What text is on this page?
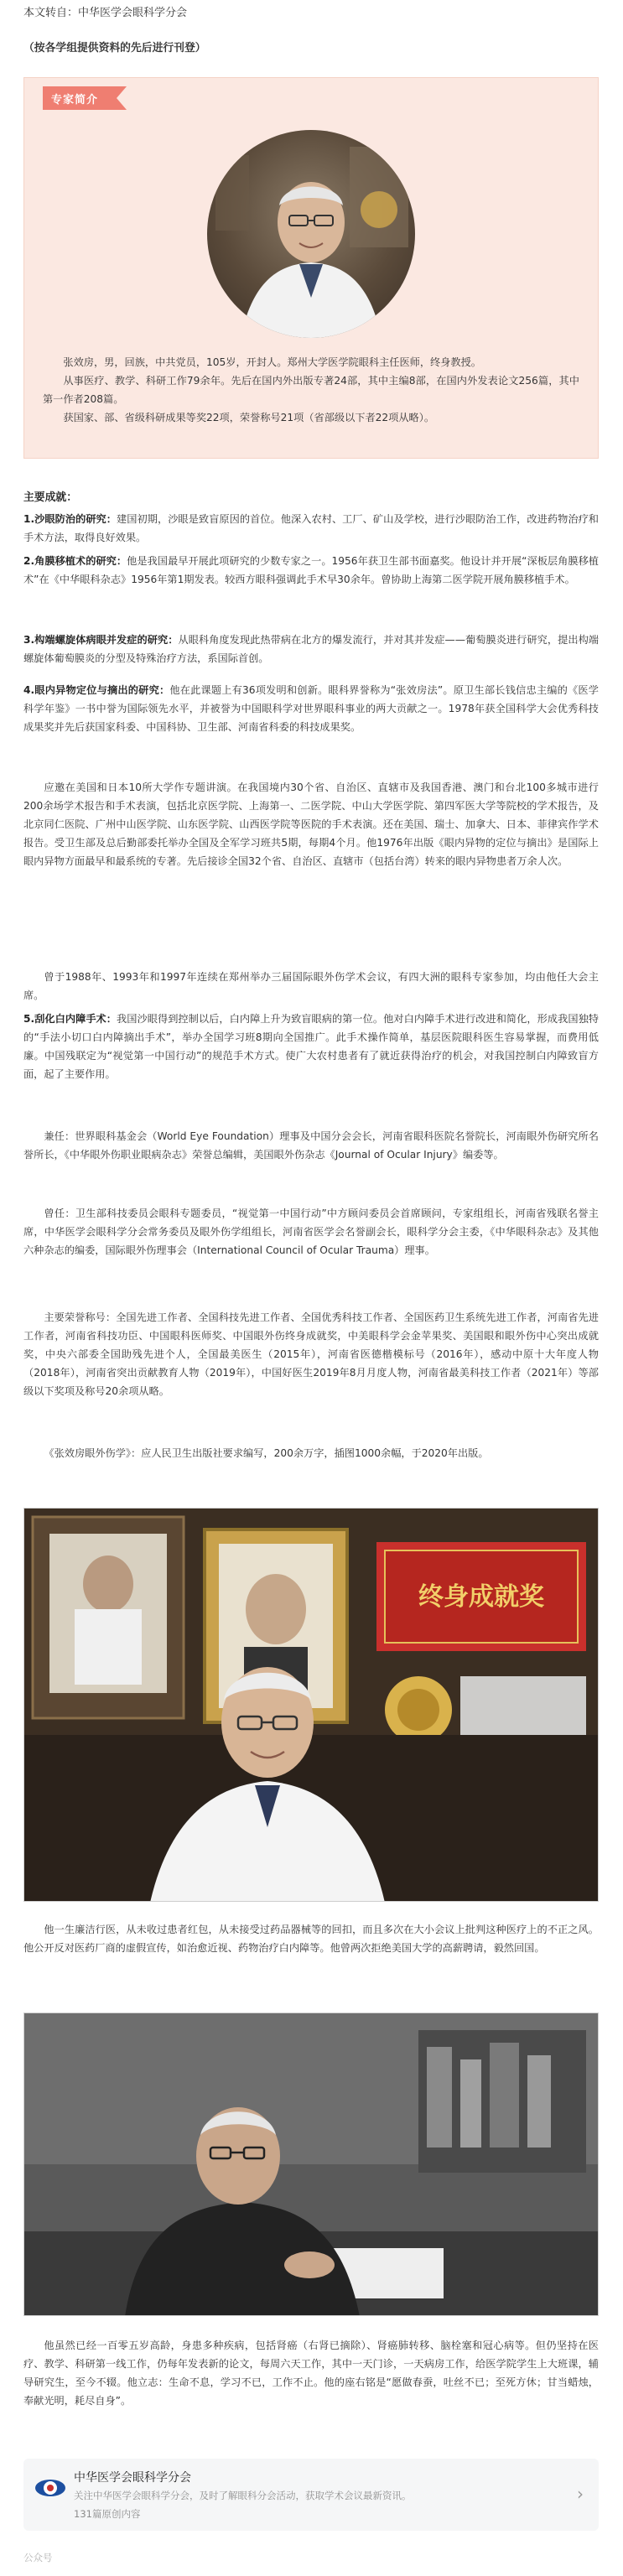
本文转自：中华医学会眼科学分会
（按各学组提供资料的先后进行刊登）
专家简介
张效房，男，回族，中共党员，105岁，开封人。郑州大学医学院眼科主任医师，终身教授。
从事医疗、教学、科研工作79余年。先后在国内外出版专著24部，其中主编8部，在国内外发表论文256篇，其中第一作者208篇。
获国家、部、省级科研成果等奖22项，荣誉称号21项（省部级以下者22项从略）。
主要成就：
1.沙眼防治的研究：建国初期，沙眼是致盲原因的首位。他深入农村、工厂、矿山及学校，进行沙眼防治工作，改进药物治疗和手术方法，取得良好效果。
2.角膜移植术的研究：他是我国最早开展此项研究的少数专家之一。1956年获卫生部书面嘉奖。他设计并开展“深板层角膜移植术”在《中华眼科杂志》1956年第1期发表。较西方眼科强调此手术早30余年。曾协助上海第二医学院开展角膜移植手术。
3.构端螺旋体病眼并发症的研究：从眼科角度发现此热带病在北方的爆发流行，并对其并发症——葡萄膜炎进行研究，提出构端螺旋体葡萄膜炎的分型及特殊治疗方法，系国际首创。
4.眼内异物定位与摘出的研究：他在此课题上有36项发明和创新。眼科界誉称为“张效房法”。原卫生部长钱信忠主编的《医学科学年鉴》一书中誉为国际领先水平，并被誉为中国眼科学对世界眼科事业的两大贡献之一。1978年获全国科学大会优秀科技成果奖并先后获国家科委、中国科协、卫生部、河南省科委的科技成果奖。
应邀在美国和日本10所大学作专题讲演。在我国境内30个省、自治区、直辖市及我国香港、澳门和台北100多城市进行200余场学术报告和手术表演，包括北京医学院、上海第一、二医学院、中山大学医学院、第四军医大学等院校的学术报告，及北京同仁医院、广州中山医学院、山东医学院、山西医学院等医院的手术表演。还在美国、瑞士、加拿大、日本、菲律宾作学术报告。受卫生部及总后勤部委托举办全国及全军学习班共5期，每期4个月。他1976年出版《眼内异物的定位与摘出》是国际上眼内异物方面最早和最系统的专著。先后接诊全国32个省、自治区、直辖市（包括台湾）转来的眼内异物患者万余人次。
曾于1988年、1993年和1997年连续在郑州举办三届国际眼外伤学术会议，有四大洲的眼科专家参加，均由他任大会主席。
5.刮化白内障手术：我国沙眼得到控制以后，白内障上升为致盲眼病的第一位。他对白内障手术进行改进和简化，形成我国独特的“手法小切口白内障摘出手术”，举办全国学习班8期向全国推广。此手术操作简单，基层医院眼科医生容易掌握，而费用低廉。中国残联定为“视觉第一中国行动”的规范手术方式。使广大农村患者有了就近获得治疗的机会，对我国控制白内障致盲方面，起了主要作用。
兼任：世界眼科基金会（World Eye Foundation）理事及中国分会会长，河南省眼科医院名誉院长，河南眼外伤研究所名誉所长，《中华眼外伤职业眼病杂志》荣誉总编辑，美国眼外伤杂志《Journal of Ocular Injury》编委等。
曾任：卫生部科技委员会眼科专题委员，“视觉第一中国行动”中方顾问委员会首席顾问，专家组组长，河南省残联名誉主席，中华医学会眼科学分会常务委员及眼外伤学组组长，河南省医学会名誉副会长，眼科学分会主委，《中华眼科杂志》及其他六种杂志的编委，国际眼外伤理事会（International Council of Ocular Trauma）理事。
主要荣誉称号：全国先进工作者、全国科技先进工作者、全国优秀科技工作者、全国医药卫生系统先进工作者，河南省先进工作者，河南省科技功臣、中国眼科医师奖、中国眼外伤终身成就奖，中美眼科学会金苹果奖、美国眼和眼外伤中心突出成就奖，中央六部委全国助残先进个人，全国最美医生（2015年），河南省医德楷模标号（2016年），感动中原十大年度人物（2018年），河南省突出贡献教育人物（2019年），中国好医生2019年8月月度人物，河南省最美科技工作者（2021年）等部级以下奖项及称号20余项从略。
《张效房眼外伤学》：应人民卫生出版社要求编写，200余万字，插图1000余幅，于2020年出版。
终身成就奖
他一生廉洁行医，从未收过患者红包，从未接受过药品器械等的回扣，而且多次在大小会议上批判这种医疗上的不正之风。他公开反对医药厂商的虚假宣传，如治愈近视、药物治疗白内障等。他曾两次拒绝美国大学的高薪聘请，毅然回国。
他虽然已经一百零五岁高龄，身患多种疾病，包括肾癌（右肾已摘除）、肾癌肺转移、脑栓塞和冠心病等。但仍坚持在医疗、教学、科研第一线工作，仍每年发表新的论文，每周六天工作，其中一天门诊，一天病房工作，给医学院学生上大班课，辅导研究生，至今不辍。他立志：生命不息，学习不已，工作不止。他的座右铭是“愿做春蚕，吐丝不已；至死方休；甘当蜡烛，奉献光明，耗尽自身”。
中华医学会眼科学分会
关注中华医学会眼科学分会，及时了解眼科分会活动，获取学术会议最新资讯。
131篇原创内容
›
公众号
